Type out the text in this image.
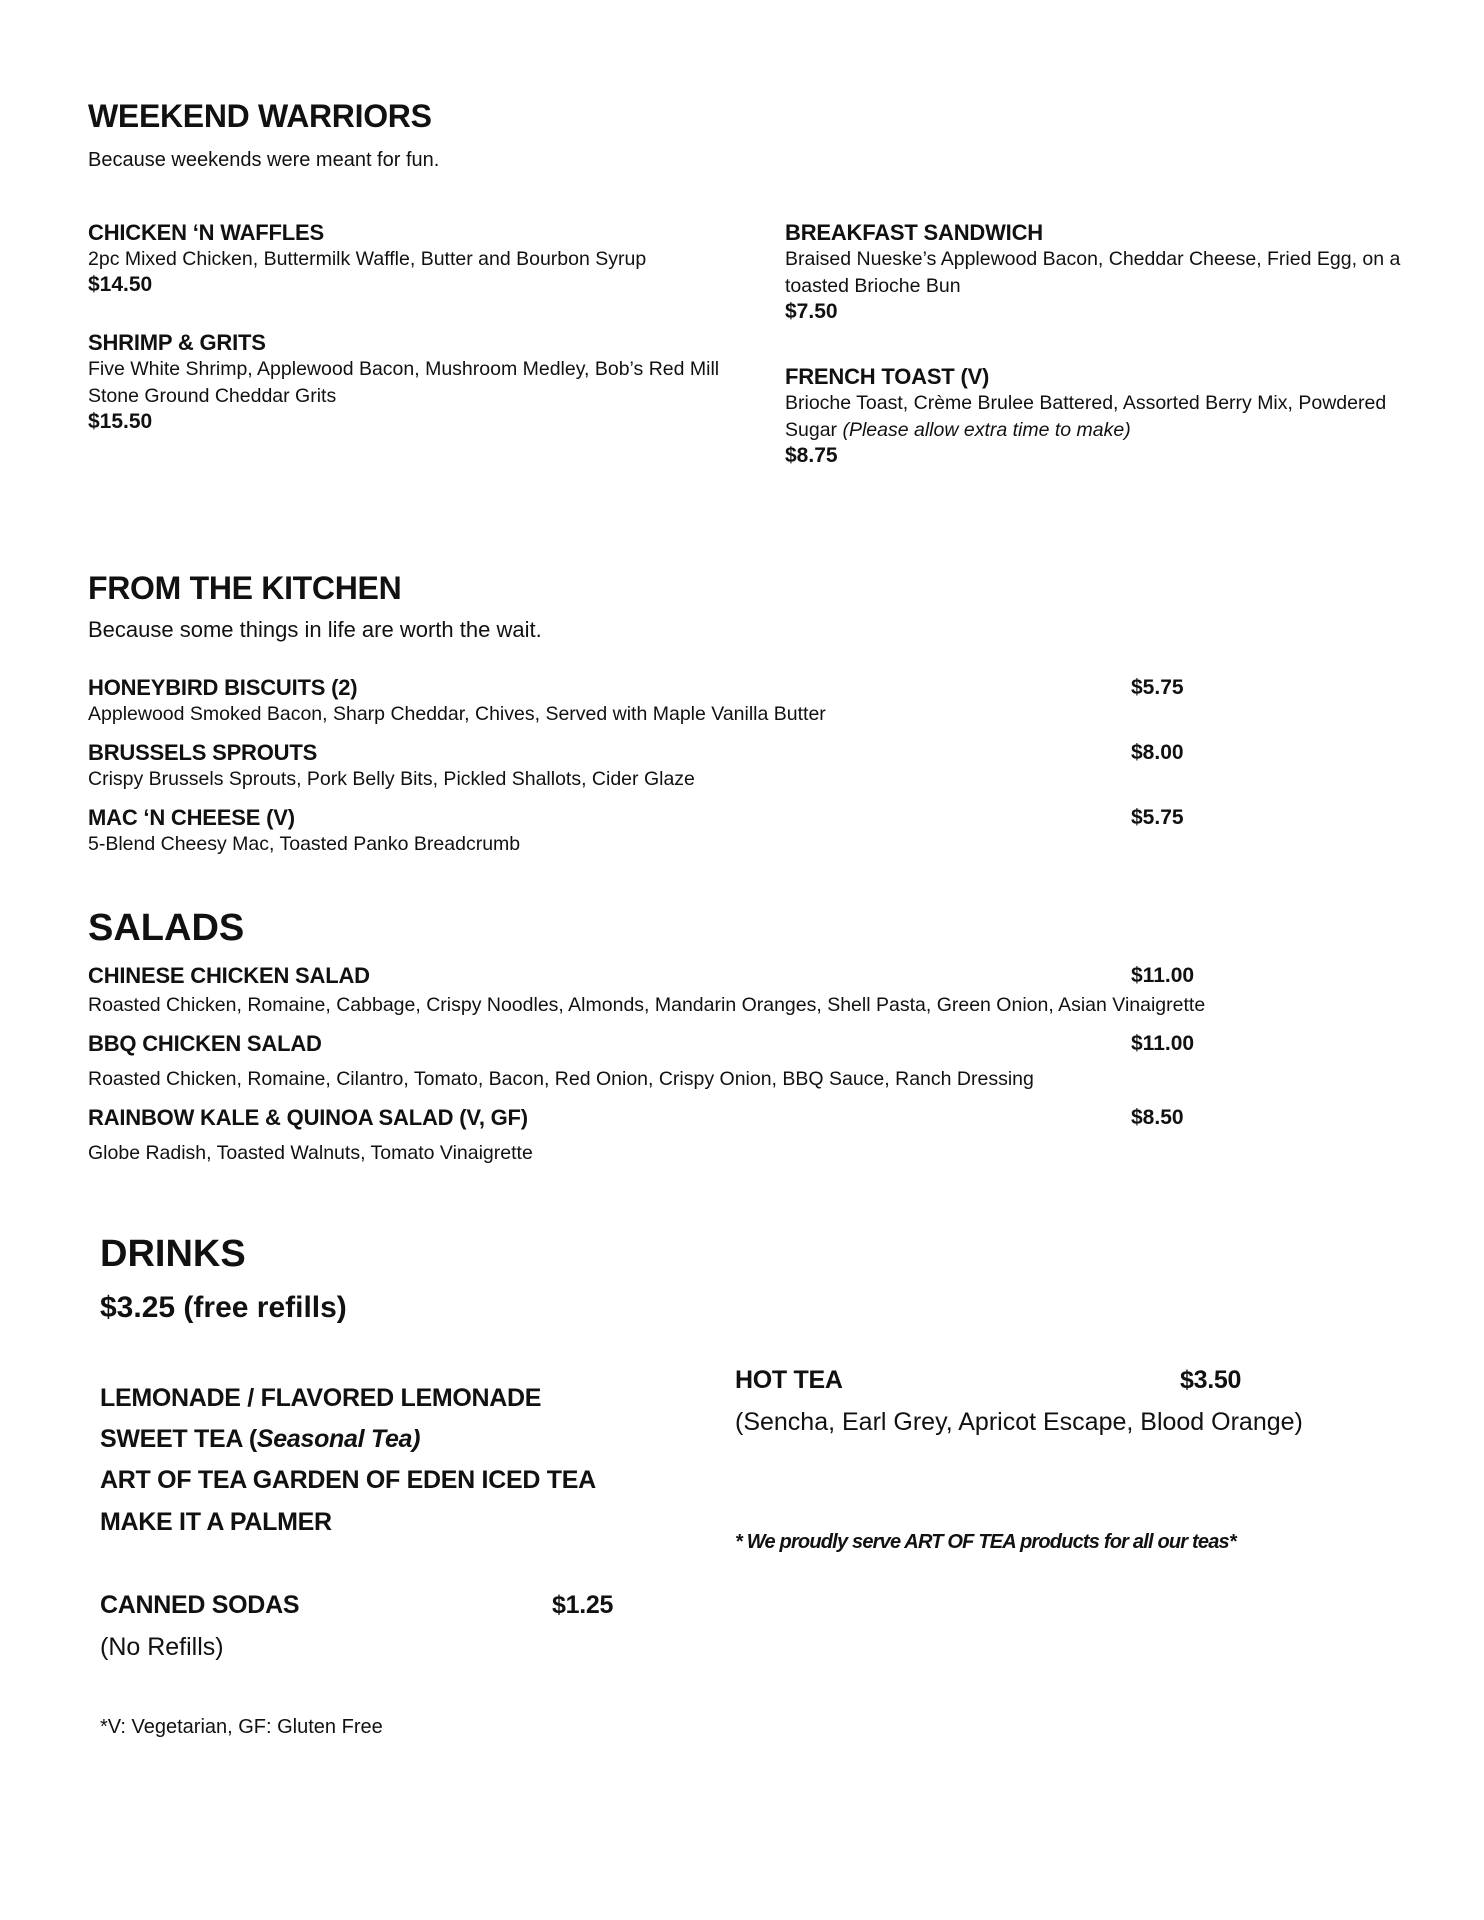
WEEKEND WARRIORS
Because weekends were meant for fun.
CHICKEN ‘N WAFFLES
2pc Mixed Chicken, Buttermilk Waffle, Butter and Bourbon Syrup
$14.50
SHRIMP & GRITS
Five White Shrimp, Applewood Bacon, Mushroom Medley, Bob’s Red Mill Stone Ground Cheddar Grits
$15.50
BREAKFAST SANDWICH
Braised Nueske’s Applewood Bacon, Cheddar Cheese, Fried Egg, on a toasted Brioche Bun
$7.50
FRENCH TOAST (V)
Brioche Toast, Crème Brulee Battered, Assorted Berry Mix, Powdered Sugar (Please allow extra time to make)
$8.75
FROM THE KITCHEN
Because some things in life are worth the wait.
HONEYBIRD BISCUITS (2)
Applewood Smoked Bacon, Sharp Cheddar, Chives, Served with Maple Vanilla Butter
$5.75
BRUSSELS SPROUTS
Crispy Brussels Sprouts, Pork Belly Bits, Pickled Shallots, Cider Glaze
$8.00
MAC ‘N CHEESE (V)
5-Blend Cheesy Mac, Toasted Panko Breadcrumb
$5.75
SALADS
CHINESE CHICKEN SALAD
Roasted Chicken, Romaine, Cabbage, Crispy Noodles, Almonds, Mandarin Oranges, Shell Pasta, Green Onion, Asian Vinaigrette
$11.00
BBQ CHICKEN SALAD
Roasted Chicken, Romaine, Cilantro, Tomato, Bacon, Red Onion, Crispy Onion, BBQ Sauce, Ranch Dressing
$11.00
RAINBOW KALE & QUINOA SALAD (V, GF)
Globe Radish, Toasted Walnuts, Tomato Vinaigrette
$8.50
DRINKS
$3.25 (free refills)
LEMONADE / FLAVORED LEMONADE
SWEET TEA (Seasonal Tea)
ART OF TEA GARDEN OF EDEN ICED TEA
MAKE IT A PALMER
CANNED SODAS	$1.25
(No Refills)
HOT TEA	$3.50
(Sencha, Earl Grey, Apricot Escape, Blood Orange)
* We proudly serve ART OF TEA products for all our teas*
*V: Vegetarian, GF: Gluten Free
